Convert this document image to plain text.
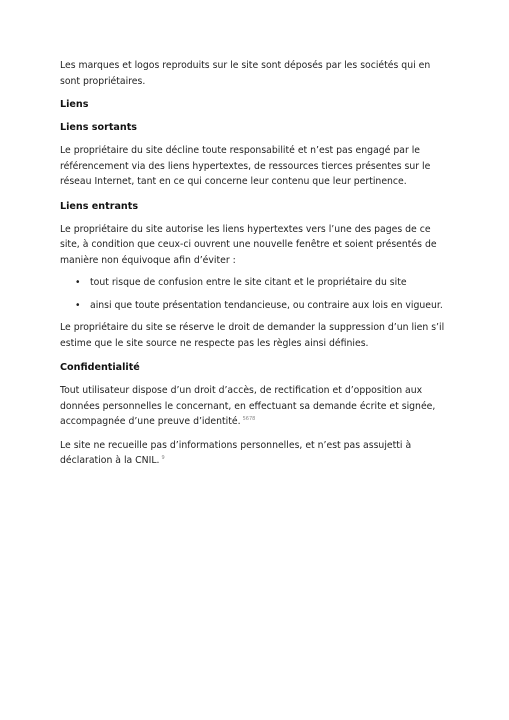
Les marques et logos reproduits sur le site sont déposés par les sociétés qui en sont propriétaires.

Liens
Liens sortants

Le propriétaire du site décline toute responsabilité et n’est pas engagé par le référencement via des liens hypertextes, de ressources tierces présentes sur le réseau Internet, tant en ce qui concerne leur contenu que leur pertinence.

Liens entrants

Le propriétaire du site autorise les liens hypertextes vers l’une des pages de ce site, à condition que ceux-ci ouvrent une nouvelle fenêtre et soient présentés de manière non équivoque afin d’éviter :

• tout risque de confusion entre le site citant et le propriétaire du site
• ainsi que toute présentation tendancieuse, ou contraire aux lois en vigueur.

Le propriétaire du site se réserve le droit de demander la suppression d’un lien s’il estime que le site source ne respecte pas les règles ainsi définies.

Confidentialité

Tout utilisateur dispose d’un droit d’accès, de rectification et d’opposition aux données personnelles le concernant, en effectuant sa demande écrite et signée, accompagnée d’une preuve d’identité. $^{5678}$

Le site ne recueille pas d’informations personnelles, et n’est pas assujetti à déclaration à la CNIL. $^9$
